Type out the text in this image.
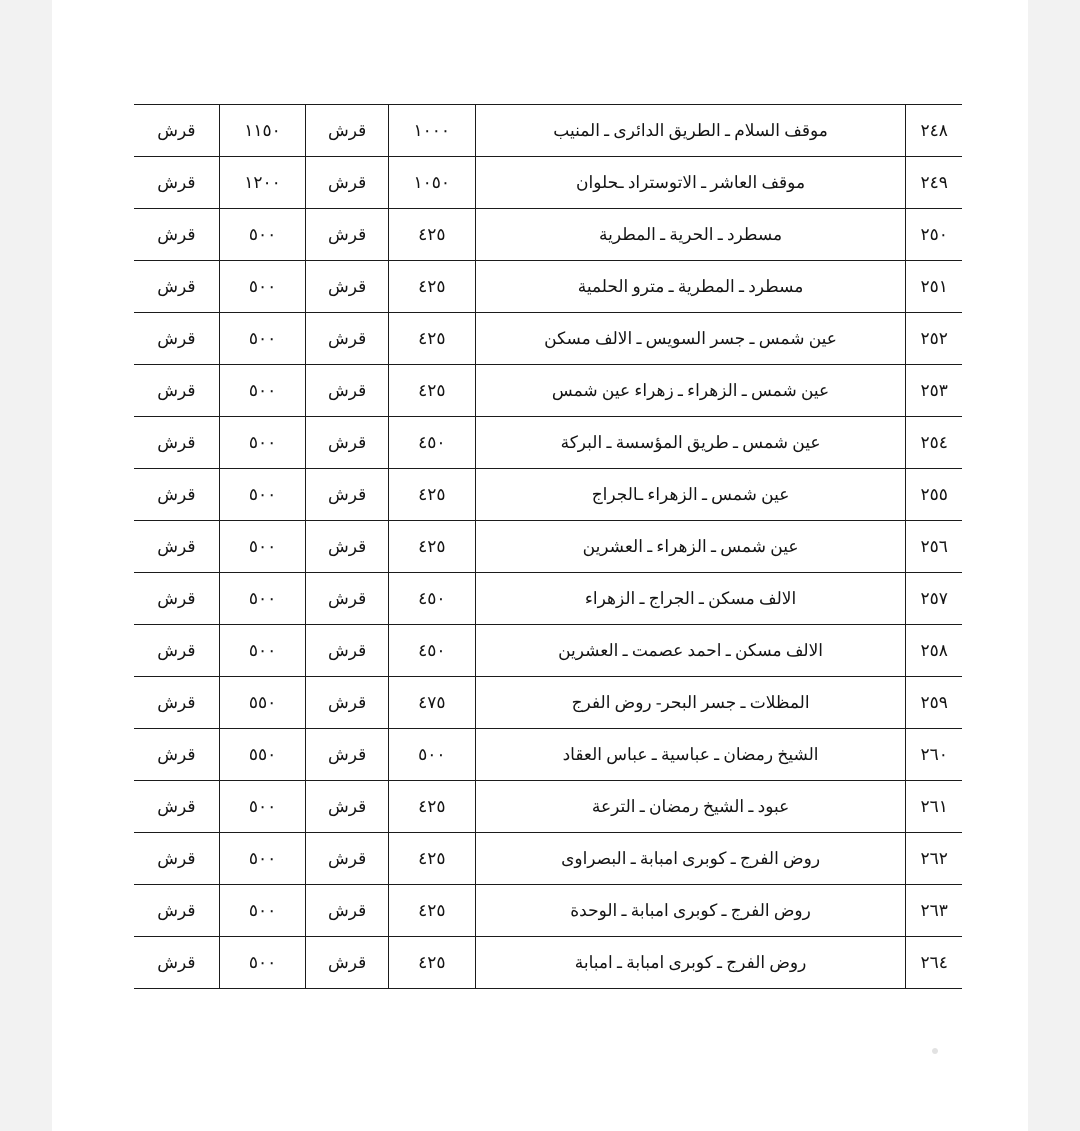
٢٤٨	موقف السلام ـ الطريق الدائرى ـ المنيب	١٠٠٠	قرش	١١٥٠	قرش
٢٤٩	موقف العاشر ـ الاتوستراد ـحلوان	١٠٥٠	قرش	١٢٠٠	قرش
٢٥٠	مسطرد ـ الحرية ـ المطرية	٤٢٥	قرش	٥٠٠	قرش
٢٥١	مسطرد ـ المطرية ـ مترو الحلمية	٤٢٥	قرش	٥٠٠	قرش
٢٥٢	عين شمس ـ جسر السويس ـ الالف مسكن	٤٢٥	قرش	٥٠٠	قرش
٢٥٣	عين شمس ـ الزهراء ـ زهراء عين شمس	٤٢٥	قرش	٥٠٠	قرش
٢٥٤	عين شمس ـ طريق المؤسسة ـ البركة	٤٥٠	قرش	٥٠٠	قرش
٢٥٥	عين شمس ـ الزهراء ـالجراج	٤٢٥	قرش	٥٠٠	قرش
٢٥٦	عين شمس ـ الزهراء ـ العشرين	٤٢٥	قرش	٥٠٠	قرش
٢٥٧	الالف مسكن ـ الجراج ـ الزهراء	٤٥٠	قرش	٥٠٠	قرش
٢٥٨	الالف مسكن ـ احمد عصمت ـ العشرين	٤٥٠	قرش	٥٠٠	قرش
٢٥٩	المظلات ـ جسر البحر- روض الفرج	٤٧٥	قرش	٥٥٠	قرش
٢٦٠	الشيخ رمضان ـ عباسية ـ عباس العقاد	٥٠٠	قرش	٥٥٠	قرش
٢٦١	عبود ـ الشيخ رمضان ـ الترعة	٤٢٥	قرش	٥٠٠	قرش
٢٦٢	روض الفرج ـ كوبرى امبابة ـ البصراوى	٤٢٥	قرش	٥٠٠	قرش
٢٦٣	روض الفرج ـ كوبرى امبابة ـ الوحدة	٤٢٥	قرش	٥٠٠	قرش
٢٦٤	روض الفرج ـ كوبرى امبابة ـ امبابة	٤٢٥	قرش	٥٠٠	قرش
